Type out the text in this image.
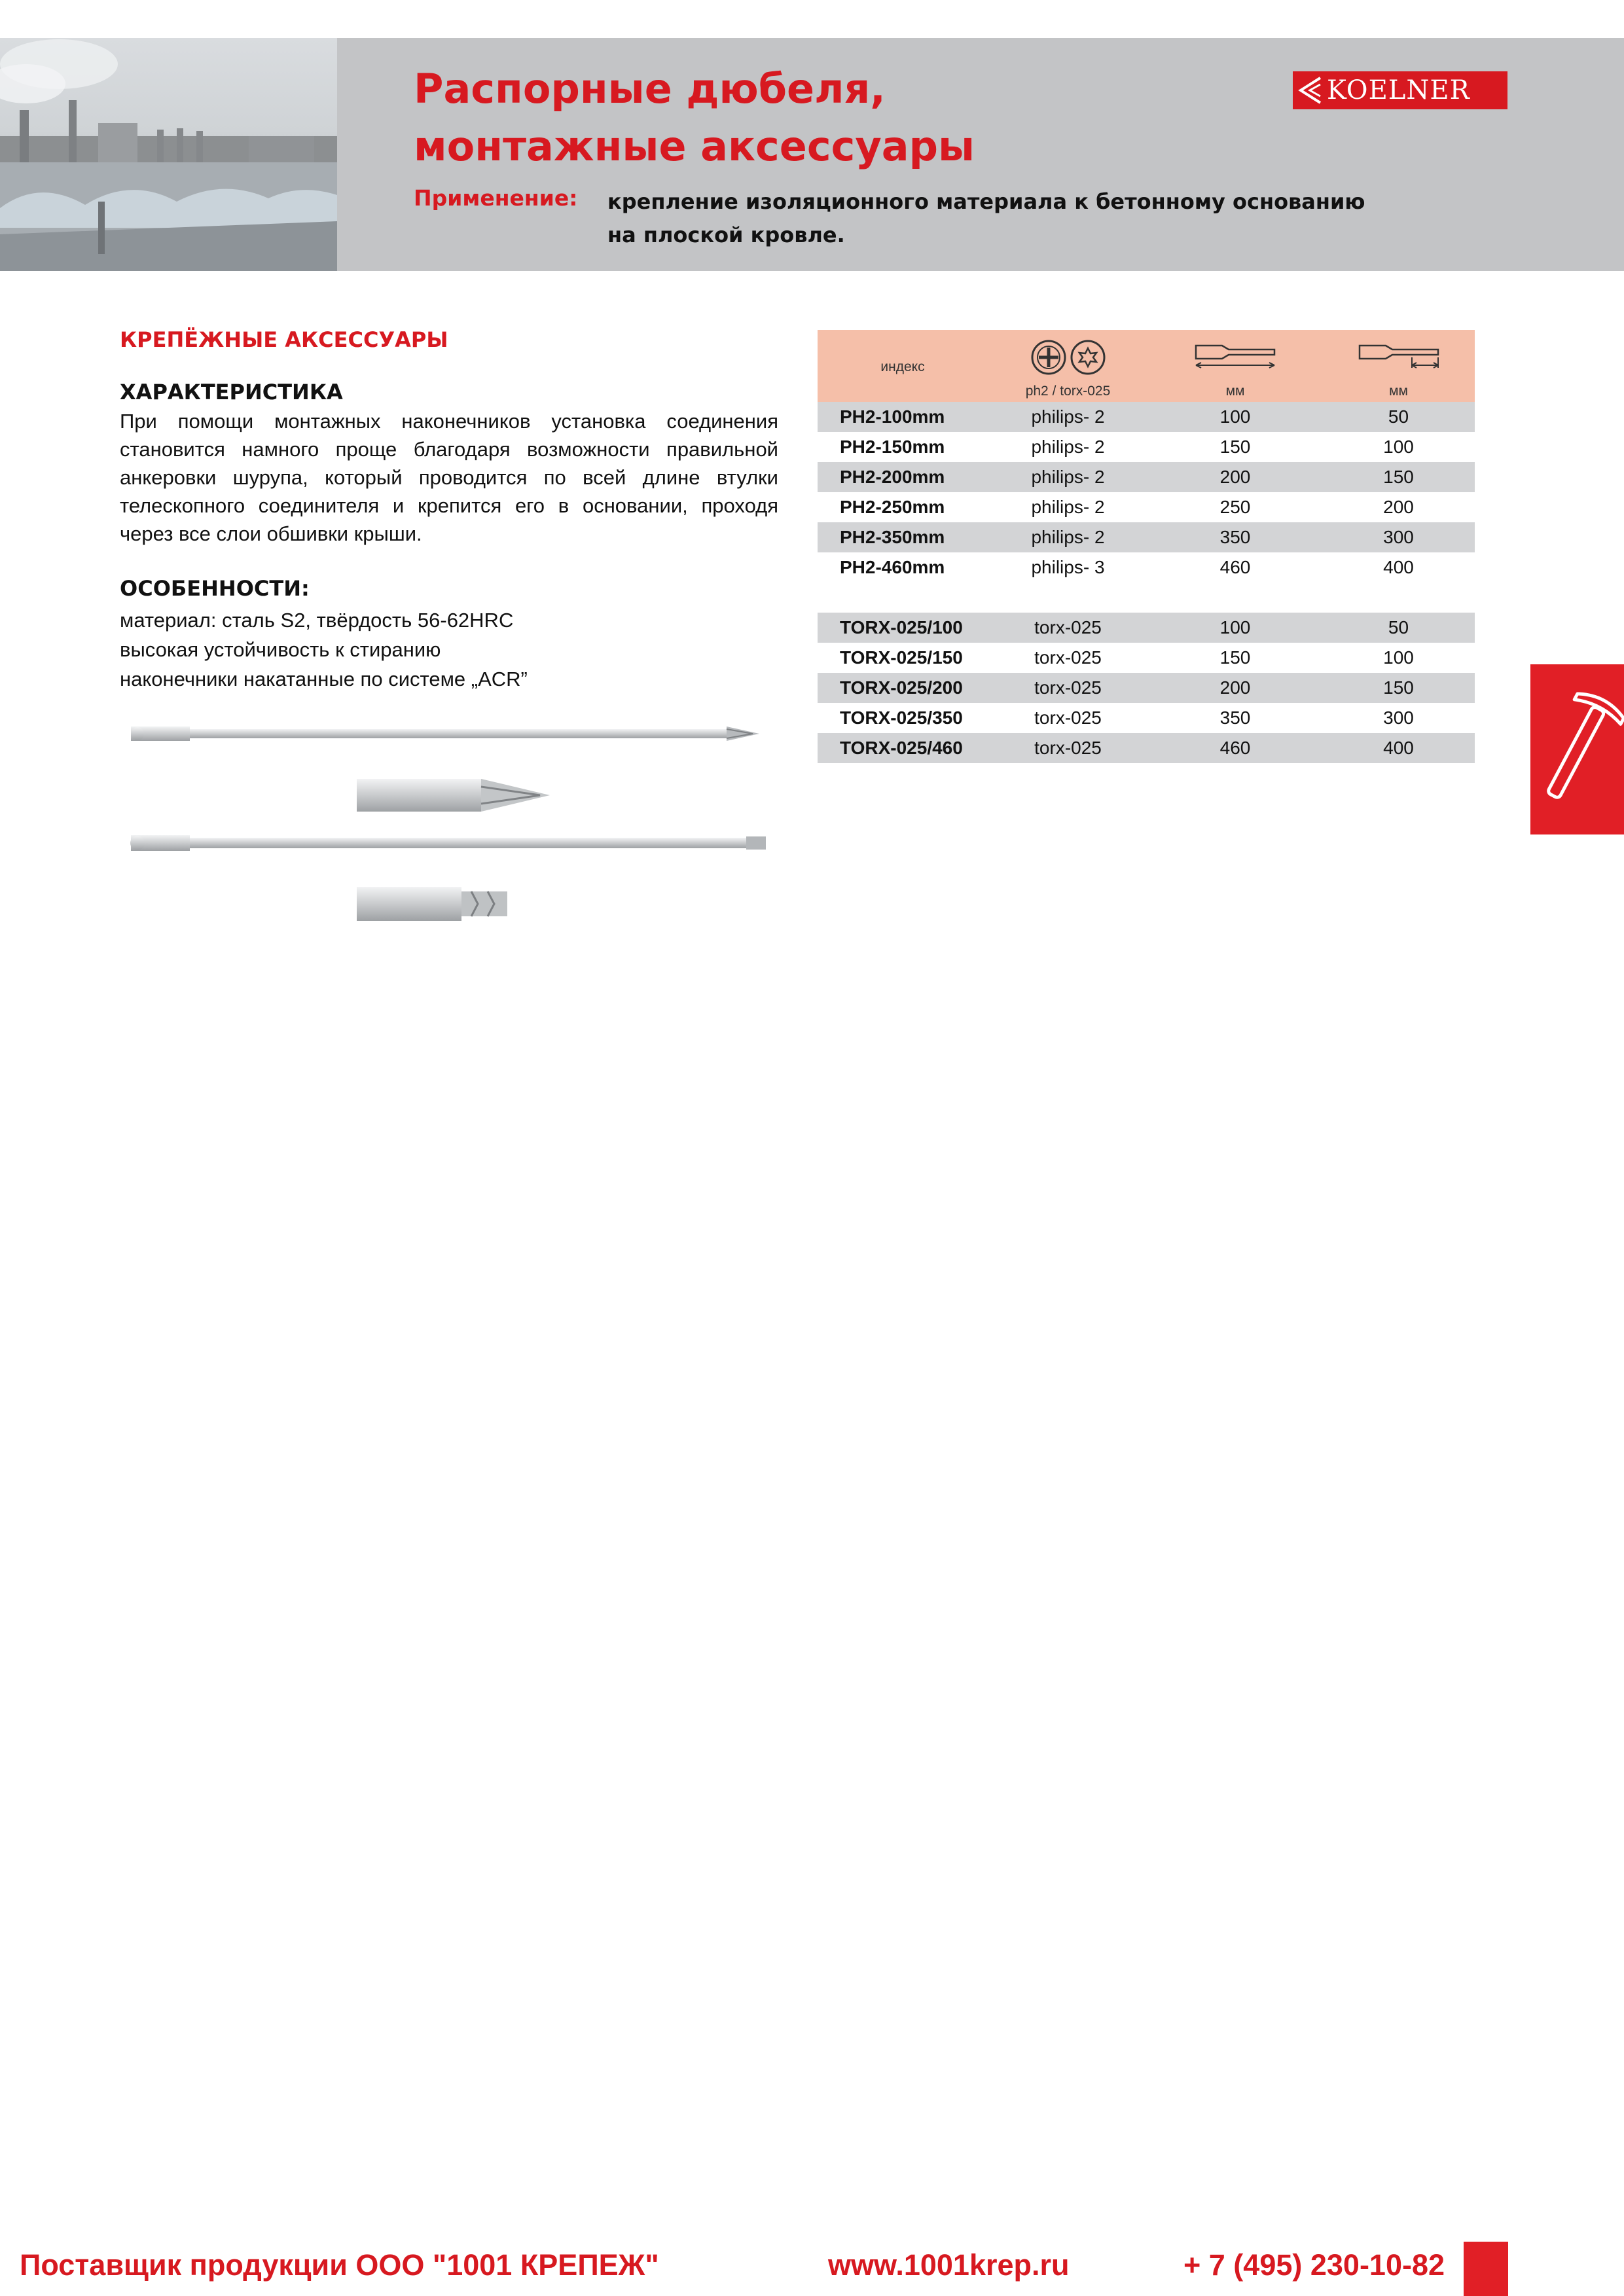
Распорные дюбеля,
монтажные аксессуары
Применение: крепление изоляционного материала к бетонному основанию на плоской кровле.
KOELNER
КРЕПЁЖНЫЕ АКСЕССУАРЫ
ХАРАКТЕРИСТИКА
При помощи монтажных наконечников установка соединения становится намного проще благодаря возможности правильной анкеровки шурупа, который проводится по всей длине втулки телескопного соединителя и крепится его в основании, проходя через все слои обшивки крыши.
ОСОБЕННОСТИ:
материал: сталь S2, твёрдость 56-62HRC
высокая устойчивость к стиранию
наконечники накатанные по системе „ACR”
индекс	ph2 / torx-025	мм	мм

PH2-100mm	philips- 2	100	50
PH2-150mm	philips- 2	150	100
PH2-200mm	philips- 2	200	150
PH2-250mm	philips- 2	250	200
PH2-350mm	philips- 2	350	300
PH2-460mm	philips- 3	460	400

TORX-025/100	torx-025	100	50
TORX-025/150	torx-025	150	100
TORX-025/200	torx-025	200	150
TORX-025/350	torx-025	350	300
TORX-025/460	torx-025	460	400
Поставщик продукции ООО "1001 КРЕПЕЖ"	www.1001krep.ru	+ 7 (495) 230-10-82
